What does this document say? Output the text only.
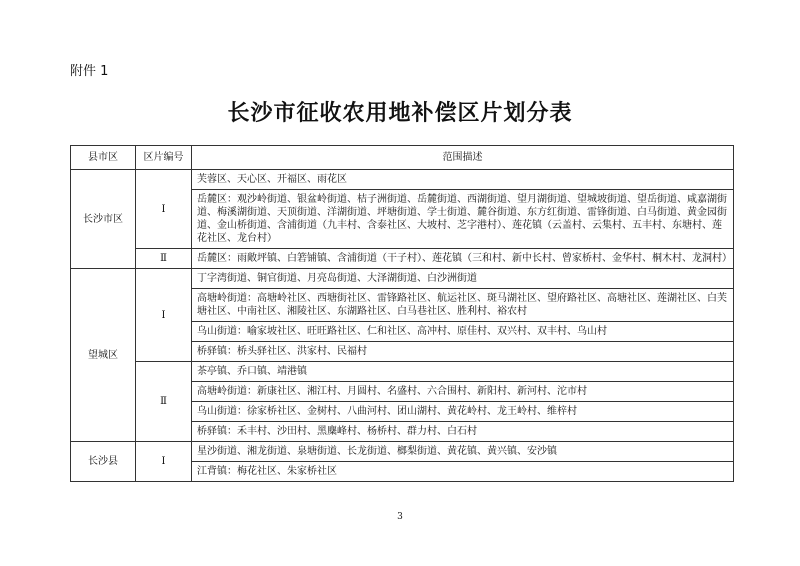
附件 1
长沙市征收农用地补偿区片划分表
县市区	区片编号	范围描述
长沙市区	Ⅰ	芙蓉区、天心区、开福区、雨花区
		岳麓区：观沙岭街道、银盆岭街道、桔子洲街道、岳麓街道、西湖街道、望月湖街道、望城坡街道、望岳街道、咸嘉湖街道、梅溪湖街道、天顶街道、洋湖街道、坪塘街道、学士街道、麓谷街道、东方红街道、雷锋街道、白马街道、黄金园街道、金山桥街道、含浦街道（九丰村、含泰社区、大坡村、芝字港村）、莲花镇（云盖村、云集村、五丰村、东塘村、莲花社区、龙台村）
	Ⅱ	岳麓区：雨敞坪镇、白箬铺镇、含浦街道（干子村）、莲花镇（三和村、新中长村、曾家桥村、金华村、桐木村、龙洞村）
望城区	Ⅰ	丁字湾街道、铜官街道、月亮岛街道、大泽湖街道、白沙洲街道
		高塘岭街道：高塘岭社区、西塘街社区、雷锋路社区、航运社区、斑马湖社区、望府路社区、高塘社区、莲湖社区、白芙塘社区、中南社区、湘陵社区、东湖路社区、白马巷社区、胜利村、裕农村
		乌山街道：喻家坡社区、旺旺路社区、仁和社区、高冲村、原佳村、双兴村、双丰村、乌山村
		桥驿镇：桥头驿社区、洪家村、民福村
	Ⅱ	茶亭镇、乔口镇、靖港镇
		高塘岭街道：新康社区、湘江村、月圆村、名盛村、六合围村、新阳村、新河村、沱市村
		乌山街道：徐家桥社区、金树村、八曲河村、团山湖村、黄花岭村、龙王岭村、维梓村
		桥驿镇：禾丰村、沙田村、黑麋峰村、杨桥村、群力村、白石村
长沙县	Ⅰ	星沙街道、湘龙街道、泉塘街道、长龙街道、榔梨街道、黄花镇、黄兴镇、安沙镇
		江背镇：梅花社区、朱家桥社区
3
